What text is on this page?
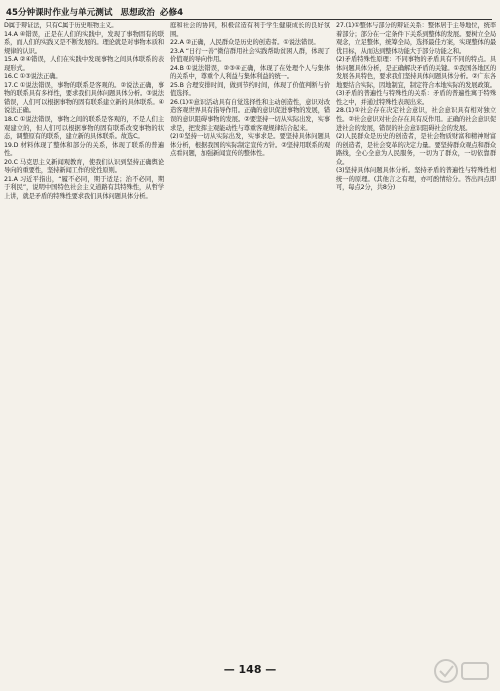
45分钟课时作业与单元测试 思想政治 必修4

D属于辩证法，只有C属于历史唯物主义。

14.A ④错误，正是在人们的实践中，发现了事物固有的联系，而人们的实践又是不断发展的。理论就是对事物本质和规律的认识。

15.A ②④错误，人们在实践中发现事物之间具体联系的表现形式。

16.C ①③说法正确。

17.C ①说法错误，事物的联系是客观的。②说法正确，事物的联系具有多样性，要求我们具体问题具体分析。③说法错误，人们可以根据事物的固有联系建立新的具体联系。④说法正确。

18.C ①说法错误，事物之间的联系是客观的，不是人们主观建立的，但人们可以根据事物的固有联系改变事物的状态，调整原有的联系，建立新的具体联系。故选C。

19.D 材料体现了整体和部分的关系，体现了联系的普遍性。

20.C 马克思主义新闻观教育，使我们认识到坚持正确舆论导向的重要性，坚持新闻工作的党性原则。

21.A 习近平指出，“履不必同，期于适足；治不必同，期于利民”，说明中国特色社会主义道路有其特殊性，从哲学上讲，就是矛盾的特殊性要求我们具体问题具体分析。

庭和社会的协同，积极营造有利于学生健康成长的良好氛围。

22.A ②正确，人民群众是历史的创造者。①说法错误。

23.A “日行一善”微信群用社会实践帮助贫困人群，体现了价值观的导向作用。

24.B ①说法错误，②③④正确，体现了在处理个人与集体的关系中，尊重个人利益与集体利益的统一。

25.B 合理安排时间，做到节约时间，体现了价值判断与价值选择。

26.(1)①意识活动具有自觉选择性和主动创造性，意识对改造客观世界具有指导作用。正确的意识促进事物的发展，错误的意识阻碍事物的发展。②要坚持一切从实际出发，实事求是，把发挥主观能动性与尊重客观规律结合起来。

(2)①坚持一切从实际出发，实事求是。要坚持具体问题具体分析，根据我国的实际制定宣传方针。②坚持用联系的观点看问题，加强新闻宣传的整体性。

27.(1)①整体与部分的辩证关系：整体居于主导地位，统率着部分；部分在一定条件下关系到整体的发展。要树立全局观念，立足整体，统筹全局，选择最佳方案，实现整体的最优目标，从而达到整体功能大于部分功能之和。

(2)矛盾特殊性原理：不同事物的矛盾具有不同的特点。具体问题具体分析，是正确解决矛盾的关键。①我国各地区的发展各具特色，要求我们坚持具体问题具体分析。②广东各地要结合实际，因地制宜，制定符合本地实际的发展政策。

(3)矛盾的普遍性与特殊性的关系：矛盾的普遍性寓于特殊性之中，并通过特殊性表现出来。

28.(1)①社会存在决定社会意识，社会意识具有相对独立性。②社会意识对社会存在具有反作用。正确的社会意识促进社会的发展，错误的社会意识阻碍社会的发展。

(2)人民群众是历史的创造者，是社会物质财富和精神财富的创造者，是社会变革的决定力量。要坚持群众观点和群众路线，全心全意为人民服务，一切为了群众，一切依靠群众。

(3)坚持具体问题具体分析。坚持矛盾的普遍性与特殊性相统一的原理。(其他言之有理，亦可酌情给分。答出四点即可，每点2分，共8分)

— 148 —
